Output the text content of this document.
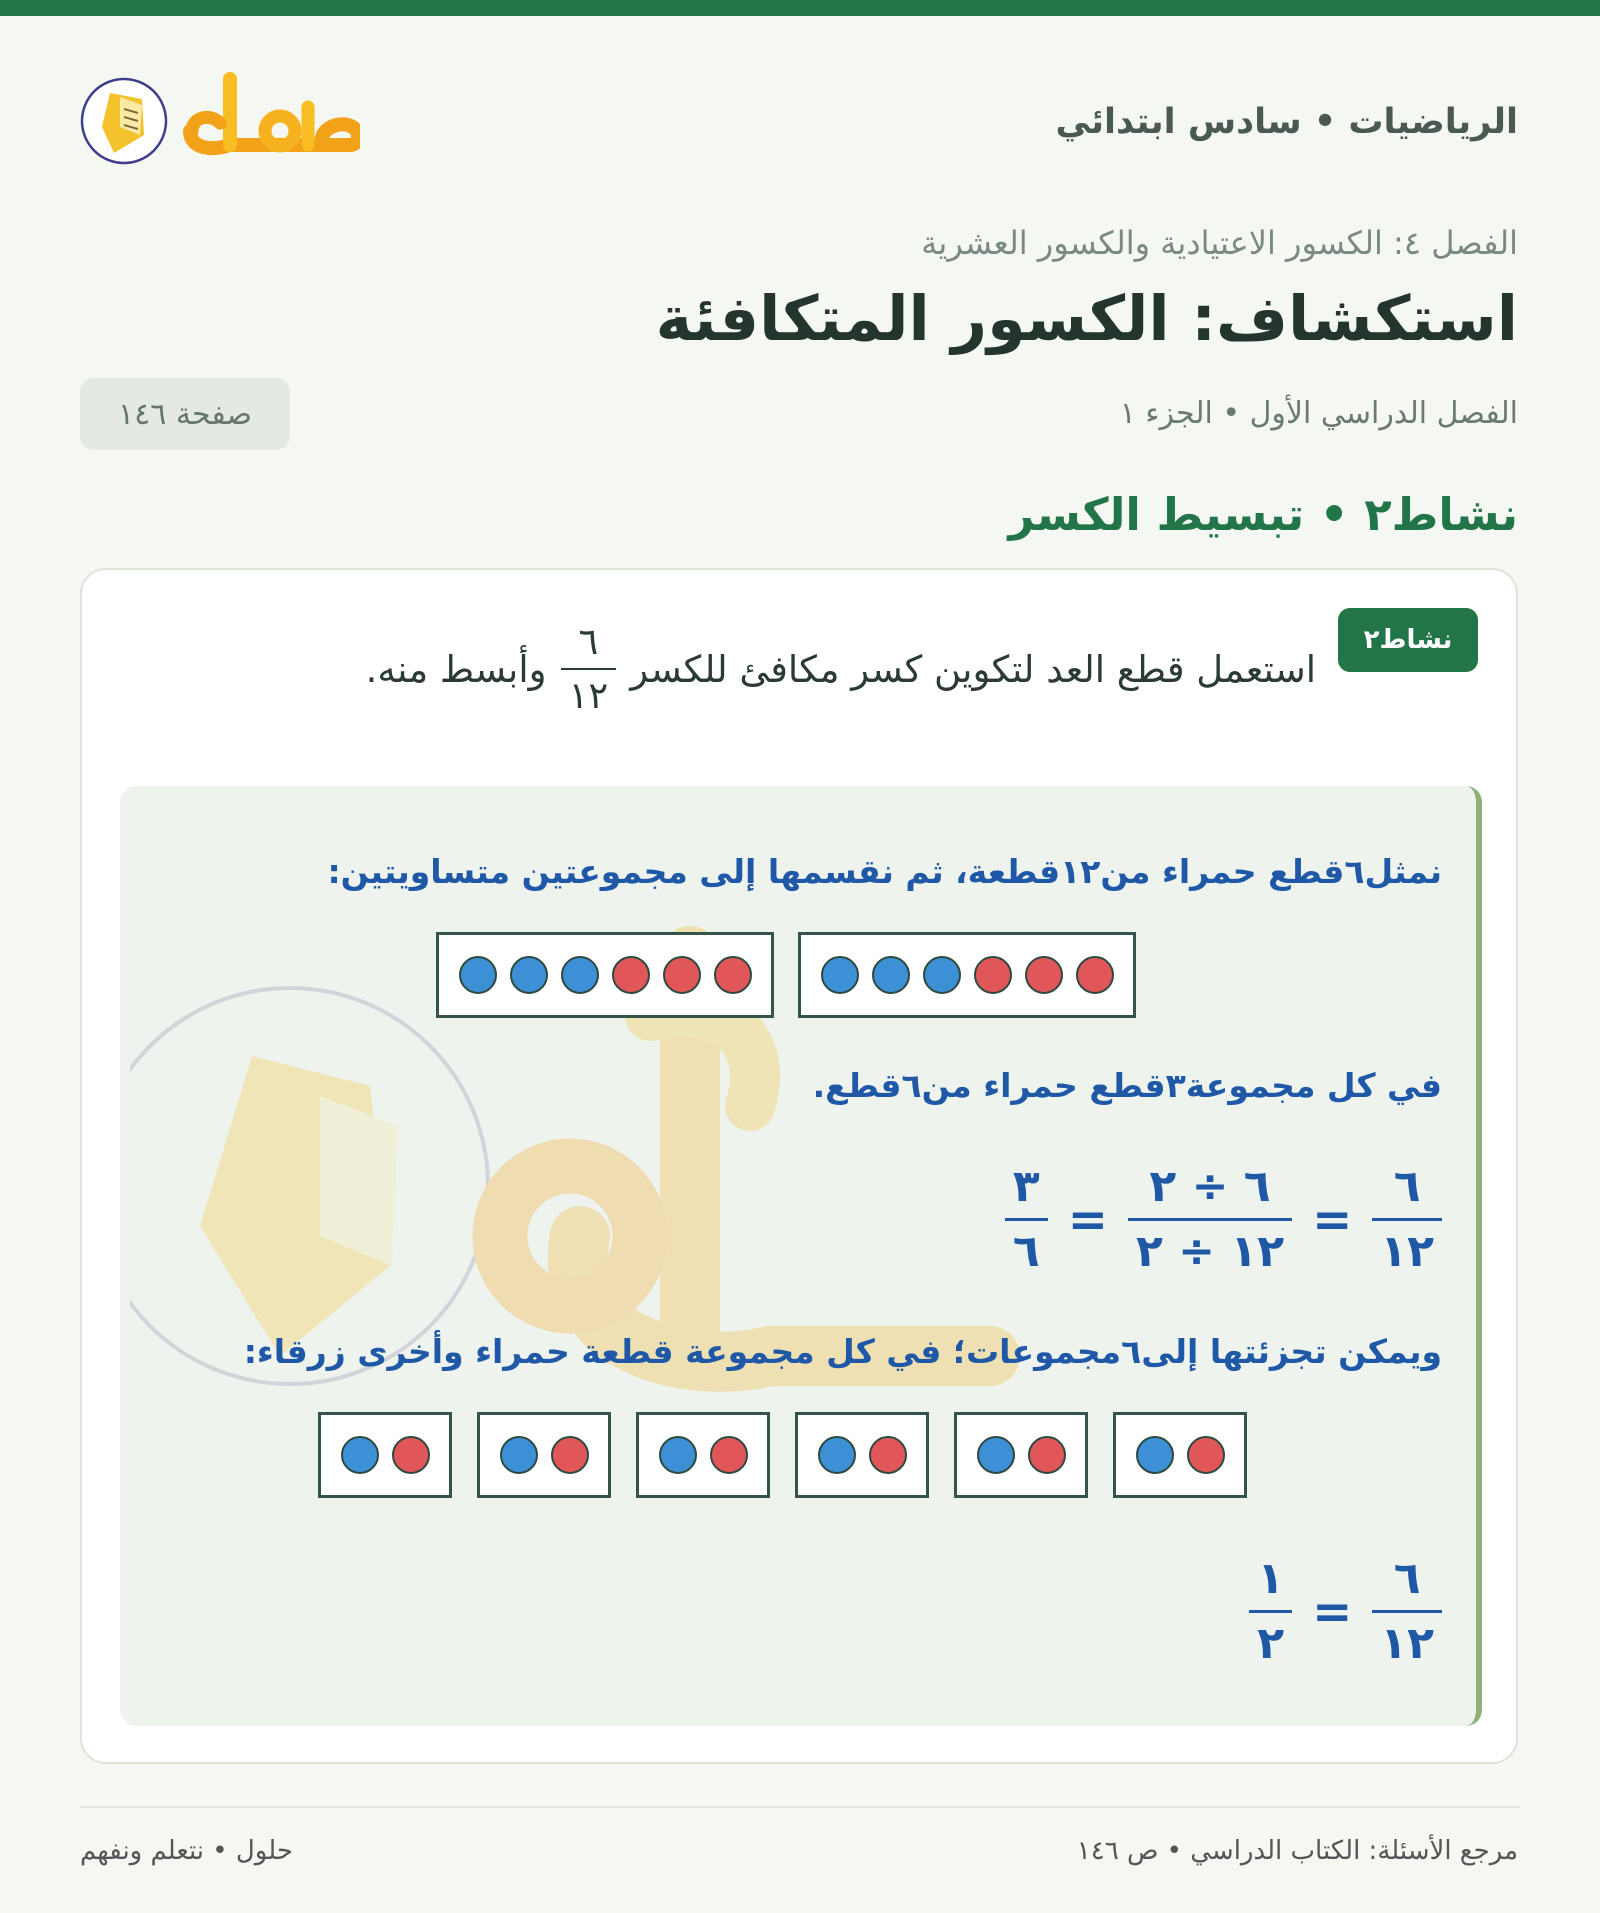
الرياضيات • سادس ابتدائي
الفصل ٤: الكسور الاعتيادية والكسور العشرية
استكشاف: الكسور المتكافئة
الفصل الدراسي الأول • الجزء ١
صفحة ١٤٦
نشاط٢ • تبسيط الكسر
نشاط٢
استعمل قطع العد لتكوين كسر مكافئ للكسر
$\frac{٦}{١٢}$
وأبسط منه.
نمثل٦قطع حمراء من١٢قطعة، ثم نقسمها إلى مجموعتين متساويتين:
في كل مجموعة٣قطع حمراء من٦قطع.
$\frac{٦}{١٢}$
=
$\frac{٦ \div ٢}{١٢ \div ٢}$
=
$\frac{٣}{٦}$
ويمكن تجزئتها إلى٦مجموعات؛ في كل مجموعة قطعة حمراء وأخرى زرقاء:
$\frac{٦}{١٢}$
=
$\frac{١}{٢}$
مرجع الأسئلة: الكتاب الدراسي • ص ١٤٦
حلول • نتعلم ونفهم
